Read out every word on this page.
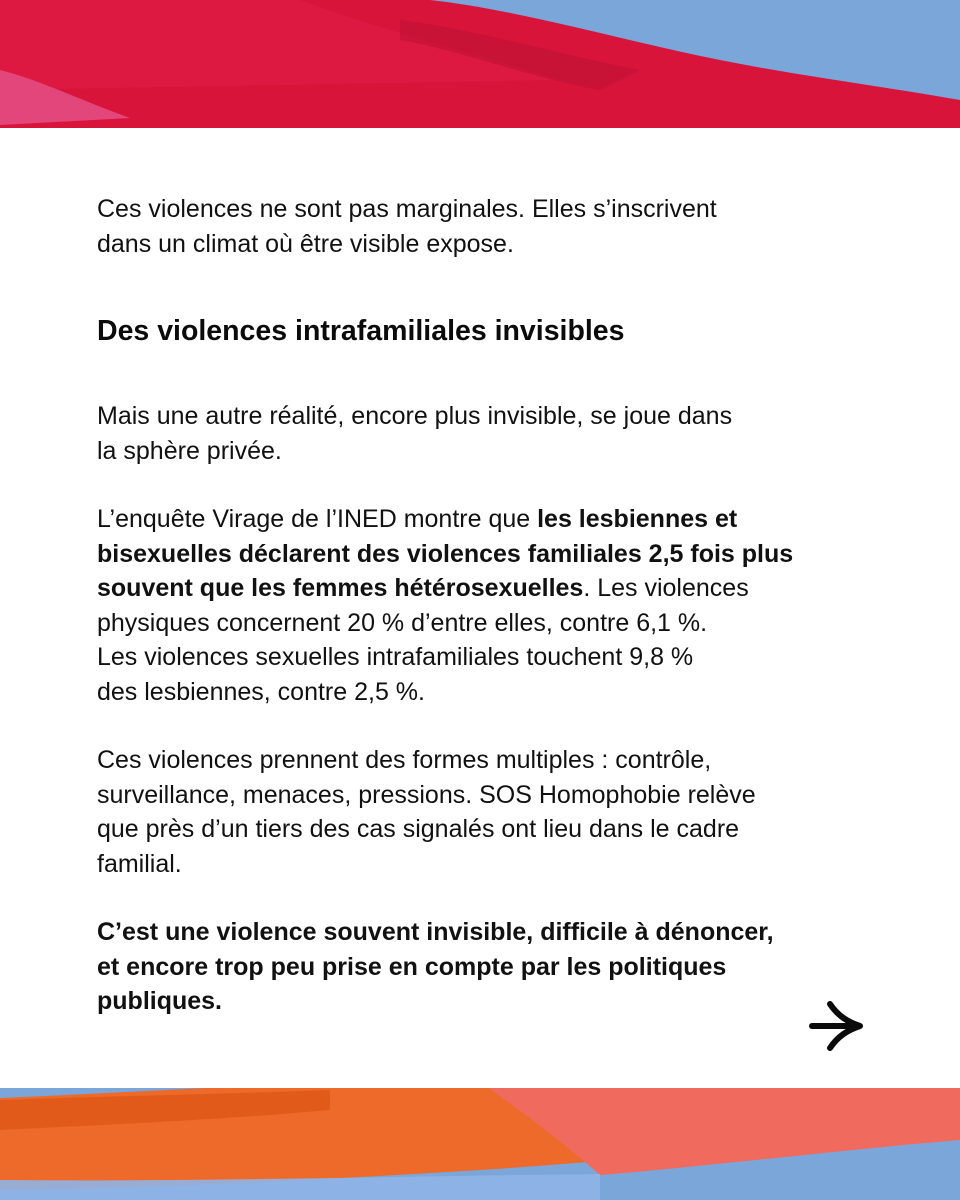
Ces violences ne sont pas marginales. Elles s’inscrivent
dans un climat où être visible expose.

Des violences intrafamiliales invisibles

Mais une autre réalité, encore plus invisible, se joue dans
la sphère privée.

L’enquête Virage de l’INED montre que les lesbiennes et
bisexuelles déclarent des violences familiales 2,5 fois plus
souvent que les femmes hétérosexuelles. Les violences
physiques concernent 20 % d’entre elles, contre 6,1 %.
Les violences sexuelles intrafamiliales touchent 9,8 %
des lesbiennes, contre 2,5 %.

Ces violences prennent des formes multiples : contrôle,
surveillance, menaces, pressions. SOS Homophobie relève
que près d’un tiers des cas signalés ont lieu dans le cadre
familial.

C’est une violence souvent invisible, difficile à dénoncer,
et encore trop peu prise en compte par les politiques
publiques.
